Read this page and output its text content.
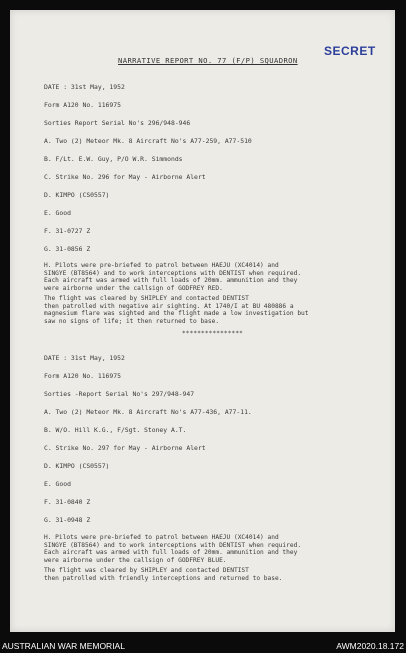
SECRET
NARRATIVE REPORT NO. 77 (F/P) SQUADRON
DATE : 31st May, 1952
Form A120 No. 116975
Sorties Report Serial No's 296/948-946
A. Two (2) Meteor Mk. 8 Aircraft No's A77-259, A77-510
B. F/Lt. E.W. Guy, P/O W.R. Simmonds
C. Strike No. 296 for May - Airborne Alert
D. KIMPO (CS0557)
E. Good
F. 31-0727 Z
G. 31-0856 Z
H. Pilots were pre-briefed to patrol between HAEJU (XC4014) and
SINGYE (BT8564) and to work interceptions with DENTIST when required.
Each aircraft was armed with full loads of 20mm. ammunition and they
were airborne under the callsign of GODFREY RED.
The flight was cleared by SHIPLEY and contacted DENTIST
then patrolled with negative air sighting. At 1740/I at BU 480886 a
magnesium flare was sighted and the flight made a low investigation but
saw no signs of life; it then returned to base.
****************
DATE : 31st May, 1952
Form A120 No. 116975
Sorties -Report Serial No's 297/948-947
A. Two (2) Meteor Mk. 8 Aircraft No's A77-436, A77-11.
B. W/O. Hill K.G., F/Sgt. Stoney A.T.
C. Strike No. 297 for May - Airborne Alert
D. KIMPO (CS0557)
E. Good
F. 31-0840 Z
G. 31-0948 Z
H. Pilots were pre-briefed to patrol between HAEJU (XC4014) and
SINGYE (BT8564) and to work interceptions with DENTIST when required.
Each aircraft was armed with full loads of 20mm. ammunition and they
were airborne under the callsign of GODFREY BLUE.
The flight was cleared by SHIPLEY and contacted DENTIST
then patrolled with friendly interceptions and returned to base.
AUSTRALIAN WAR MEMORIAL	AWM2020.18.172
